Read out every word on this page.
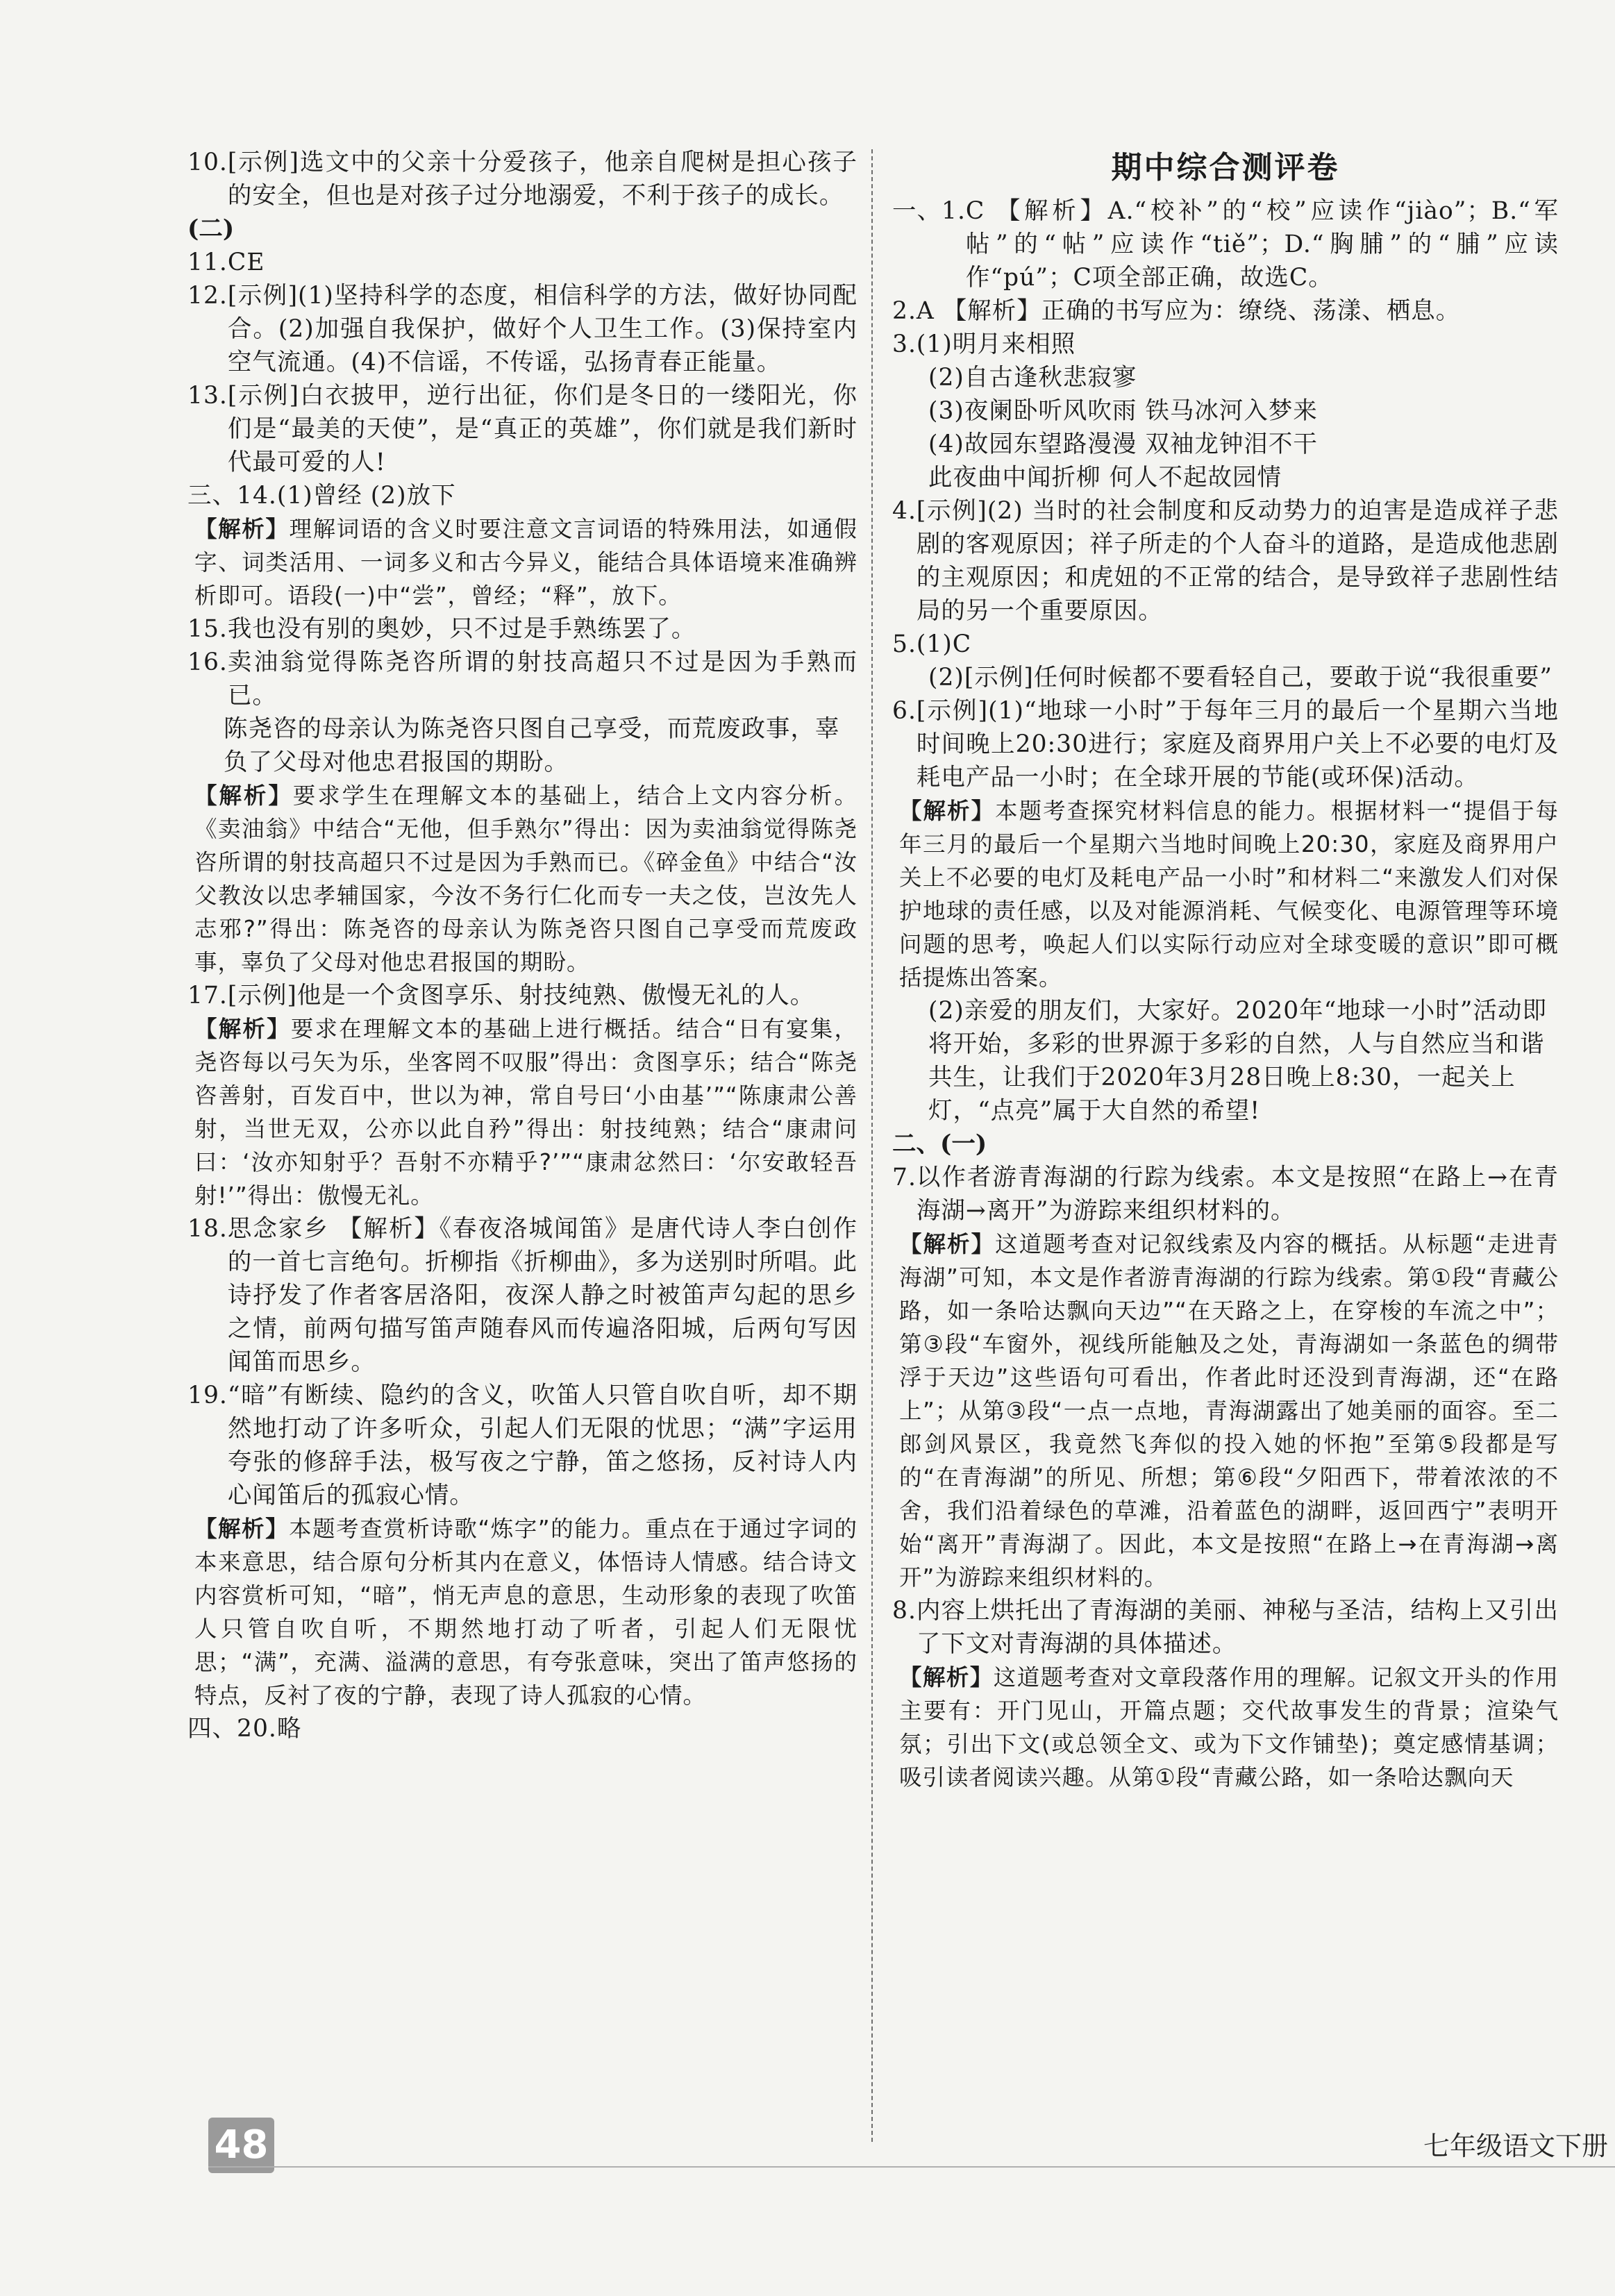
10. [示例]选文中的父亲十分爱孩子，他亲自爬树是担心孩子的安全，但也是对孩子过分地溺爱，不利于孩子的成长。
(二)
11. CE
12. [示例](1)坚持科学的态度，相信科学的方法，做好协同配合。(2)加强自我保护，做好个人卫生工作。(3)保持室内空气流通。(4)不信谣，不传谣，弘扬青春正能量。
13. [示例]白衣披甲，逆行出征，你们是冬日的一缕阳光，你们是“最美的天使”，是“真正的英雄”，你们就是我们新时代最可爱的人!
三、14. (1)曾经 (2)放下
【解析】理解词语的含义时要注意文言词语的特殊用法，如通假字、词类活用、一词多义和古今异义，能结合具体语境来准确辨析即可。语段(一)中“尝”，曾经；“释”，放下。
15. 我也没有别的奥妙，只不过是手熟练罢了。
16. 卖油翁觉得陈尧咨所谓的射技高超只不过是因为手熟而已。
陈尧咨的母亲认为陈尧咨只图自己享受，而荒废政事，辜负了父母对他忠君报国的期盼。
【解析】要求学生在理解文本的基础上，结合上文内容分析。《卖油翁》中结合“无他，但手熟尔”得出：因为卖油翁觉得陈尧咨所谓的射技高超只不过是因为手熟而已。《碎金鱼》中结合“汝父教汝以忠孝辅国家，今汝不务行仁化而专一夫之伎，岂汝先人志邪?”得出：陈尧咨的母亲认为陈尧咨只图自己享受而荒废政事，辜负了父母对他忠君报国的期盼。
17. [示例]他是一个贪图享乐、射技纯熟、傲慢无礼的人。
【解析】要求在理解文本的基础上进行概括。结合“日有宴集，尧咨每以弓矢为乐，坐客罔不叹服”得出：贪图享乐；结合“陈尧咨善射，百发百中，世以为神，常自号曰‘小由基’”“陈康肃公善射，当世无双，公亦以此自矜”得出：射技纯熟；结合“康肃问曰：‘汝亦知射乎？吾射不亦精乎?’”“康肃忿然曰：‘尔安敢轻吾射!’”得出：傲慢无礼。
18. 思念家乡 【解析】《春夜洛城闻笛》是唐代诗人李白创作的一首七言绝句。折柳指《折柳曲》，多为送别时所唱。此诗抒发了作者客居洛阳，夜深人静之时被笛声勾起的思乡之情，前两句描写笛声随春风而传遍洛阳城，后两句写因闻笛而思乡。
19. “暗”有断续、隐约的含义，吹笛人只管自吹自听，却不期然地打动了许多听众，引起人们无限的忧思；“满”字运用夸张的修辞手法，极写夜之宁静，笛之悠扬，反衬诗人内心闻笛后的孤寂心情。
【解析】本题考查赏析诗歌“炼字”的能力。重点在于通过字词的本来意思，结合原句分析其内在意义，体悟诗人情感。结合诗文内容赏析可知，“暗”，悄无声息的意思，生动形象的表现了吹笛人只管自吹自听，不期然地打动了听者，引起人们无限忧思；“满”，充满、溢满的意思，有夸张意味，突出了笛声悠扬的特点，反衬了夜的宁静，表现了诗人孤寂的心情。
四、20. 略
期中综合测评卷
一、1. C 【解析】A.“校补”的“校”应读作“jiào”；B.“军帖”的“帖”应读作“tiě”；D.“胸脯”的“脯”应读作“pú”；C项全部正确，故选C。
2. A 【解析】正确的书写应为：缭绕、荡漾、栖息。
3. (1)明月来相照
(2)自古逢秋悲寂寥
(3)夜阑卧听风吹雨 铁马冰河入梦来
(4)故园东望路漫漫 双袖龙钟泪不干
此夜曲中闻折柳 何人不起故园情
4. [示例](2) 当时的社会制度和反动势力的迫害是造成祥子悲剧的客观原因；祥子所走的个人奋斗的道路，是造成他悲剧的主观原因；和虎妞的不正常的结合，是导致祥子悲剧性结局的另一个重要原因。
5. (1)C
(2)[示例]任何时候都不要看轻自己，要敢于说“我很重要”
6. [示例](1)“地球一小时”于每年三月的最后一个星期六当地时间晚上20:30进行；家庭及商界用户关上不必要的电灯及耗电产品一小时；在全球开展的节能(或环保)活动。
【解析】本题考查探究材料信息的能力。根据材料一“提倡于每年三月的最后一个星期六当地时间晚上20:30，家庭及商界用户关上不必要的电灯及耗电产品一小时”和材料二“来激发人们对保护地球的责任感，以及对能源消耗、气候变化、电源管理等环境问题的思考，唤起人们以实际行动应对全球变暖的意识”即可概括提炼出答案。
(2)亲爱的朋友们，大家好。2020年“地球一小时”活动即将开始，多彩的世界源于多彩的自然，人与自然应当和谐共生，让我们于2020年3月28日晚上8:30，一起关上灯，“点亮”属于大自然的希望!
二、(一)
7. 以作者游青海湖的行踪为线索。本文是按照“在路上→在青海湖→离开”为游踪来组织材料的。
【解析】这道题考查对记叙线索及内容的概括。从标题“走进青海湖”可知，本文是作者游青海湖的行踪为线索。第①段“青藏公路，如一条哈达飘向天边”“在天路之上，在穿梭的车流之中”；第③段“车窗外，视线所能触及之处，青海湖如一条蓝色的绸带浮于天边”这些语句可看出，作者此时还没到青海湖，还“在路上”；从第③段“一点一点地，青海湖露出了她美丽的面容。至二郎剑风景区，我竟然飞奔似的投入她的怀抱”至第⑤段都是写的“在青海湖”的所见、所想；第⑥段“夕阳西下，带着浓浓的不舍，我们沿着绿色的草滩，沿着蓝色的湖畔，返回西宁”表明开始“离开”青海湖了。因此，本文是按照“在路上→在青海湖→离开”为游踪来组织材料的。
8. 内容上烘托出了青海湖的美丽、神秘与圣洁，结构上又引出了下文对青海湖的具体描述。
【解析】这道题考查对文章段落作用的理解。记叙文开头的作用主要有：开门见山，开篇点题；交代故事发生的背景；渲染气氛；引出下文(或总领全文、或为下文作铺垫)；奠定感情基调；吸引读者阅读兴趣。从第①段“青藏公路，如一条哈达飘向天
48	七年级语文下册
